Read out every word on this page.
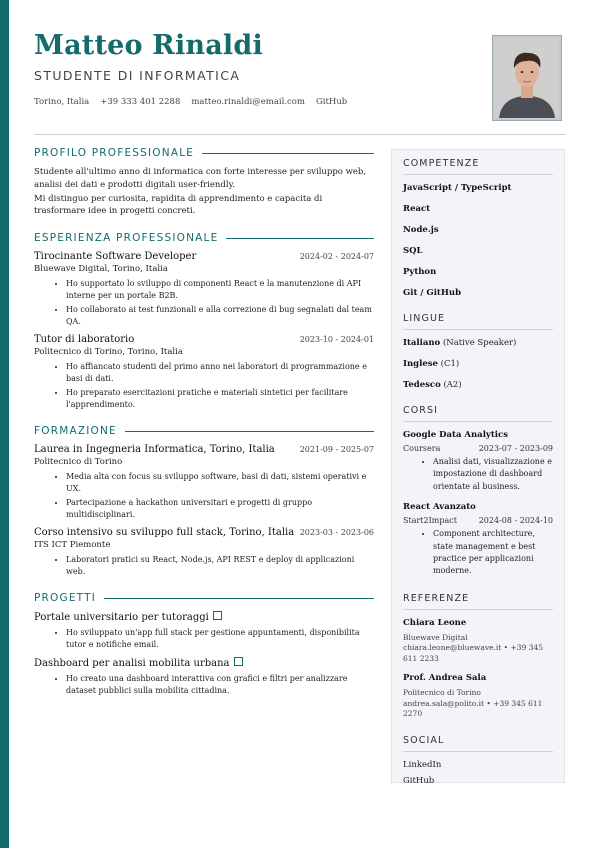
Matteo Rinaldi
STUDENTE DI INFORMATICA
Torino, Italia +39 333 401 2288 matteo.rinaldi@email.com GitHub
PROFILO PROFESSIONALE

Studente all'ultimo anno di informatica con forte interesse per sviluppo web, analisi dei dati e prodotti digitali user-friendly.

Mi distinguo per curiosita, rapidita di apprendimento e capacita di trasformare idee in progetti concreti.

ESPERIENZA PROFESSIONALE
Tirocinante Software Developer	2024-02 - 2024-07
Bluewave Digital, Torino, Italia
• Ho supportato lo sviluppo di componenti React e la manutenzione di API interne per un portale B2B.
• Ho collaborato ai test funzionali e alla correzione di bug segnalati dal team QA.
Tutor di laboratorio	2023-10 - 2024-01
Politecnico di Torino, Torino, Italia
• Ho affiancato studenti del primo anno nei laboratori di programmazione e basi di dati.
• Ho preparato esercitazioni pratiche e materiali sintetici per facilitare l'apprendimento.
FORMAZIONE
Laurea in Ingegneria Informatica, Torino, Italia	2021-09 - 2025-07
Politecnico di Torino
• Media alta con focus su sviluppo software, basi di dati, sistemi operativi e UX.
• Partecipazione a hackathon universitari e progetti di gruppo multidisciplinari.
Corso intensivo su sviluppo full stack, Torino, Italia 2023-03 - 2023-06
ITS ICT Piemonte
• Laboratori pratici su React, Node.js, API REST e deploy di applicazioni web.
PROGETTI
Portale universitario per tutoraggi
• Ho sviluppato un'app full stack per gestione appuntamenti, disponibilita tutor e notifiche email.
Dashboard per analisi mobilita urbana
• Ho creato una dashboard interattiva con grafici e filtri per analizzare dataset pubblici sulla mobilita cittadina.
COMPETENZE
JavaScript / TypeScript
React
Node.js
SQL
Python
Git / GitHub
LINGUE
Italiano (Native Speaker)
Inglese (C1)
Tedesco (A2)
CORSI
Google Data Analytics
Coursera	2023-07 - 2023-09
• Analisi dati, visualizzazione e impostazione di dashboard orientate al business.
React Avanzato
Start2Impact	2024-08 - 2024-10
• Component architecture, state management e best practice per applicazioni moderne.
REFERENZE
Chiara Leone
Bluewave Digital
chiara.leone@bluewave.it • +39 345 611 2233
Prof. Andrea Sala
Politecnico di Torino
andrea.sala@polito.it • +39 345 611 2270
SOCIAL
LinkedIn
GitHub
